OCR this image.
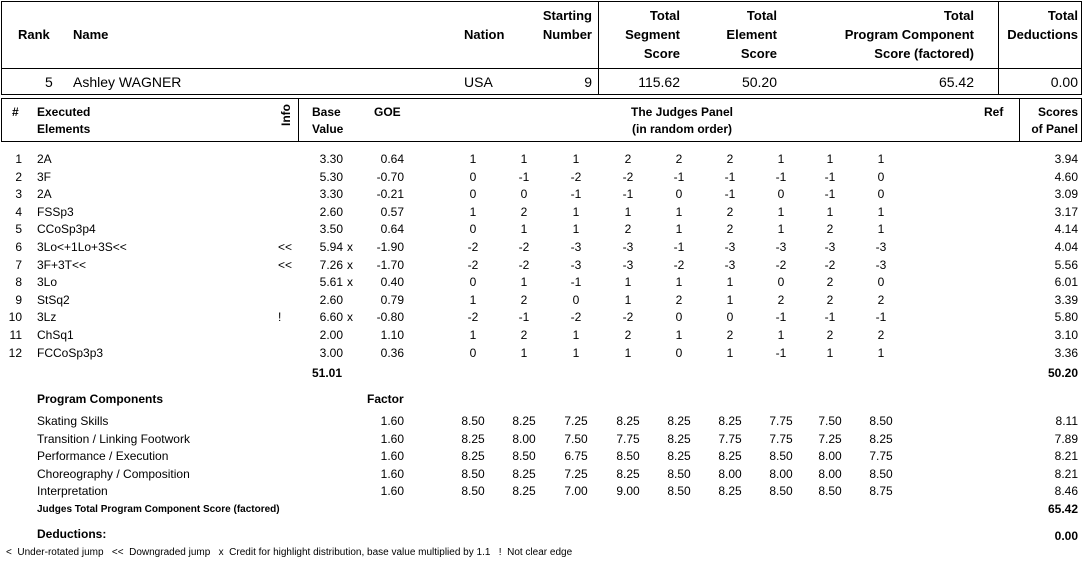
Rank Name	Nation
Starting
Number
Total
Segment
Score
Total
Element
Score
Total
Program Component
Score (factored)
Total
Deductions
5 Ashley WAGNER	USA	9	115.62	50.20	65.42	0.00
# Executed
Elements
Info Base
Value
GOE	The Judges Panel
(in random order)
Ref	Scores
of Panel
1 2A	3.30	0.64	1	1	1	2	2	2	1	1	1	3.94
2 3F	5.30	-0.70	0	-1	-2	-2	-1	-1	-1	-1	0	4.60
3 2A	3.30	-0.21	0	0	-1	-1	0	-1	0	-1	0	3.09
4 FSSp3	2.60	0.57	1	2	1	1	1	2	1	1	1	3.17
5 CCoSp3p4	3.50	0.64	0	1	1	2	1	2	1	2	1	4.14
6 3Lo<+1Lo+3S<<	<<	5.94 x	-1.90	-2	-2	-3	-3	-1	-3	-3	-3	-3	4.04
7 3F+3T<<	<<	7.26 x	-1.70	-2	-2	-3	-3	-2	-3	-2	-2	-3	5.56
8 3Lo	5.61 x	0.40	0	1	-1	1	1	1	0	2	0	6.01
9 StSq2	2.60	0.79	1	2	0	1	2	1	2	2	2	3.39
10 3Lz	!	6.60 x	-0.80	-2	-1	-2	-2	0	0	-1	-1	-1	5.80
11 ChSq1	2.00	1.10	1	2	1	2	1	2	1	2	2	3.10
12 FCCoSp3p3	3.00	0.36	0	1	1	1	0	1	-1	1	1	3.36
51.01	50.20
Program Components	Factor
Skating Skills	1.60	8.50	8.25	7.25	8.25	8.25	8.25	7.75	7.50	8.50	8.11
Transition / Linking Footwork	1.60	8.25	8.00	7.50	7.75	8.25	7.75	7.75	7.25	8.25	7.89
Performance / Execution	1.60	8.25	8.50	6.75	8.50	8.25	8.25	8.50	8.00	7.75	8.21
Choreography / Composition	1.60	8.50	8.25	7.25	8.25	8.50	8.00	8.00	8.00	8.50	8.21
Interpretation	1.60	8.50	8.25	7.00	9.00	8.50	8.25	8.50	8.50	8.75	8.46
Judges Total Program Component Score (factored)	65.42
Deductions:	0.00
<  Under-rotated jump   <<  Downgraded jump   x  Credit for highlight distribution, base value multiplied by 1.1   !  Not clear edge
